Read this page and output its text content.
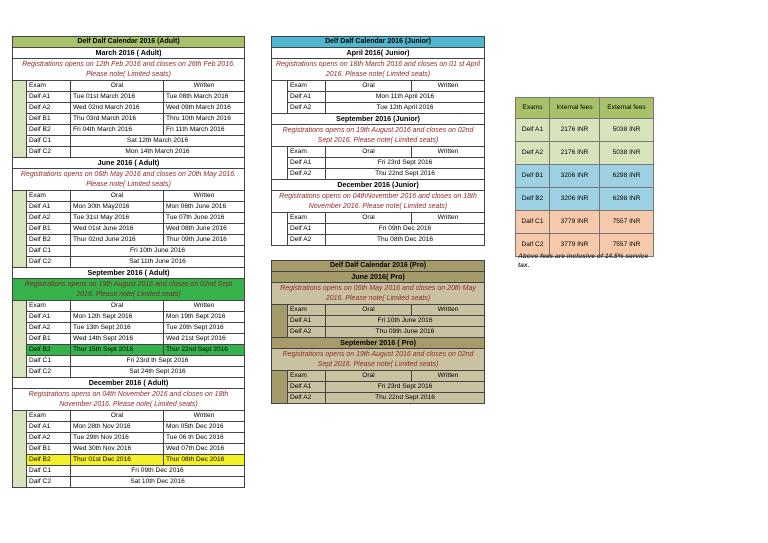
Delf Dalf Calendar 2016 (Adult)			
March 2016 ( Adult)			
Registrations opens on 12th Feb 2016 and closes on 26th Feb 2016. Please note( Limited seats)			
	Exam	Oral	Written
	Delf A1	Tue 01st March 2016	Tue 08th March 2016
	Delf A2	Wed 02nd March 2016	Wed 09th March 2016
	Delf B1	Thu 03rd March 2016	Thru 10th March 2016
	Delf B2	Fri 04th March 2016	Fri 11th March 2016
	Dalf C1	Sat 12th March 2016	
	Dalf C2	Mon 14th March 2016	
June 2016 ( Adult)			
Registrations opens on 06th May 2016 and closes on 20th May 2016. Please note( Limited seats)			
	Exam	Oral	Written
	Delf A1	Mon 30th May2016	Mon 06th June 2016
	Delf A2	Tue 31st May 2016	Tue 07th June 2016
	Delf B1	Wed 01st June 2016	Wed 08th June 2016
	Delf B2	Thur 02nd June 2016	Thur 09th June 2016
	Dalf C1	Fri 10th June 2016	
	Dalf C2	Sat 11th June 2016	
September 2016 ( Adult)			
Registrations opens on 19th August 2016 and closes on 02nd Sept 2016. Please note( Limited seats)			
	Exam	Oral	Written
	Delf A1	Mon 12th Sept 2016	Mon 19th Sept 2016
	Delf A2	Tue 13th Sept 2016	Tue 20th Sept 2016
	Delf B1	Wed 14th Sept 2016	Wed 21st Sept 2016
	Delf B2	Thur 15th Sept 2016	Thur 22nd Sept 2016
	Dalf C1	Fri 23rd th Sept 2016	
	Dalf C2	Sat 24th Sept 2016	
December 2016 ( Adult)			
Registrations opens on 04th November 2016 and closes on 18th November 2016. Please note( Limited seats)			
	Exam	Oral	Written
	Delf A1	Mon 28th Nov 2016	Mon 05th Dec 2016
	Delf A2	Tue 29th Nov 2016	Tue 06 th Dec 2016
	Delf B1	Wed 30th Nov 2016	Wed 07th Dec 2016
	Delf B2	Thur 01st Dec 2016	Thur 08th Dec 2016
	Dalf C1	Fri 09th Dec 2016	
	Dalf C2	Sat 10th Dec 2016	
Delf Dalf Calendar 2016 (Junior)			
April 2016( Junior)			
Registrations opens on 18th March 2016 and closes on 01 st April 2016. Please note( Limited seats)			
	Exam	Oral	Written
	Delf A1	Mon 11th April 2016	
	Delf A2	Tue 12th April 2016	
September 2016 (Junior)			
Registrations opens on 19th August 2016 and closes on 02nd Sept 2016. Please note( Limited seats)			
	Exam	Oral	Written
	Delf A1	Fri 23rd Sept 2016	
	Delf A2	Thu 22nd Sept 2016	
December 2016 (Junior)			
Registrations opens on 04thNovember 2016 and closes on 18th November 2016. Please note( Limited seats)			
	Exam	Oral	Written
	Delf A1	Fri 09th Dec 2016	
	Delf A2	Thu 08th Dec 2016	
Delf Dalf Calendar 2016 (Pro)			
June 2016( Pro)			
Registrations opens on 06th May 2016 and closes on 20th May 2016. Please note( Limited seats)			
	Exam	Oral	Written
	Delf A1	Fri 10th June 2016	
	Delf A2	Thu 09th June 2016	
September 2016 ( Pro)			
Registrations opens on 19th August 2016 and closes on 02nd Sept 2016. Please note( Limited seats)			
	Exam	Oral	Written
	Delf A1	Fri 23rd Sept 2016	
	Delf A2	Thu 22nd Sept 2016	
Exams	Internal fees	External fees
Delf A1	2176 INR	5038 INR
Delf A2	2176 INR	5038 INR
Delf B1	3206 INR	6298 INR
Delf B2	3206 INR	6298 INR
Dalf C1	3779 INR	7557 INR
Dalf C2	3779 INR	7557 INR
Above fees are inclusive of 14.5% service tax.
